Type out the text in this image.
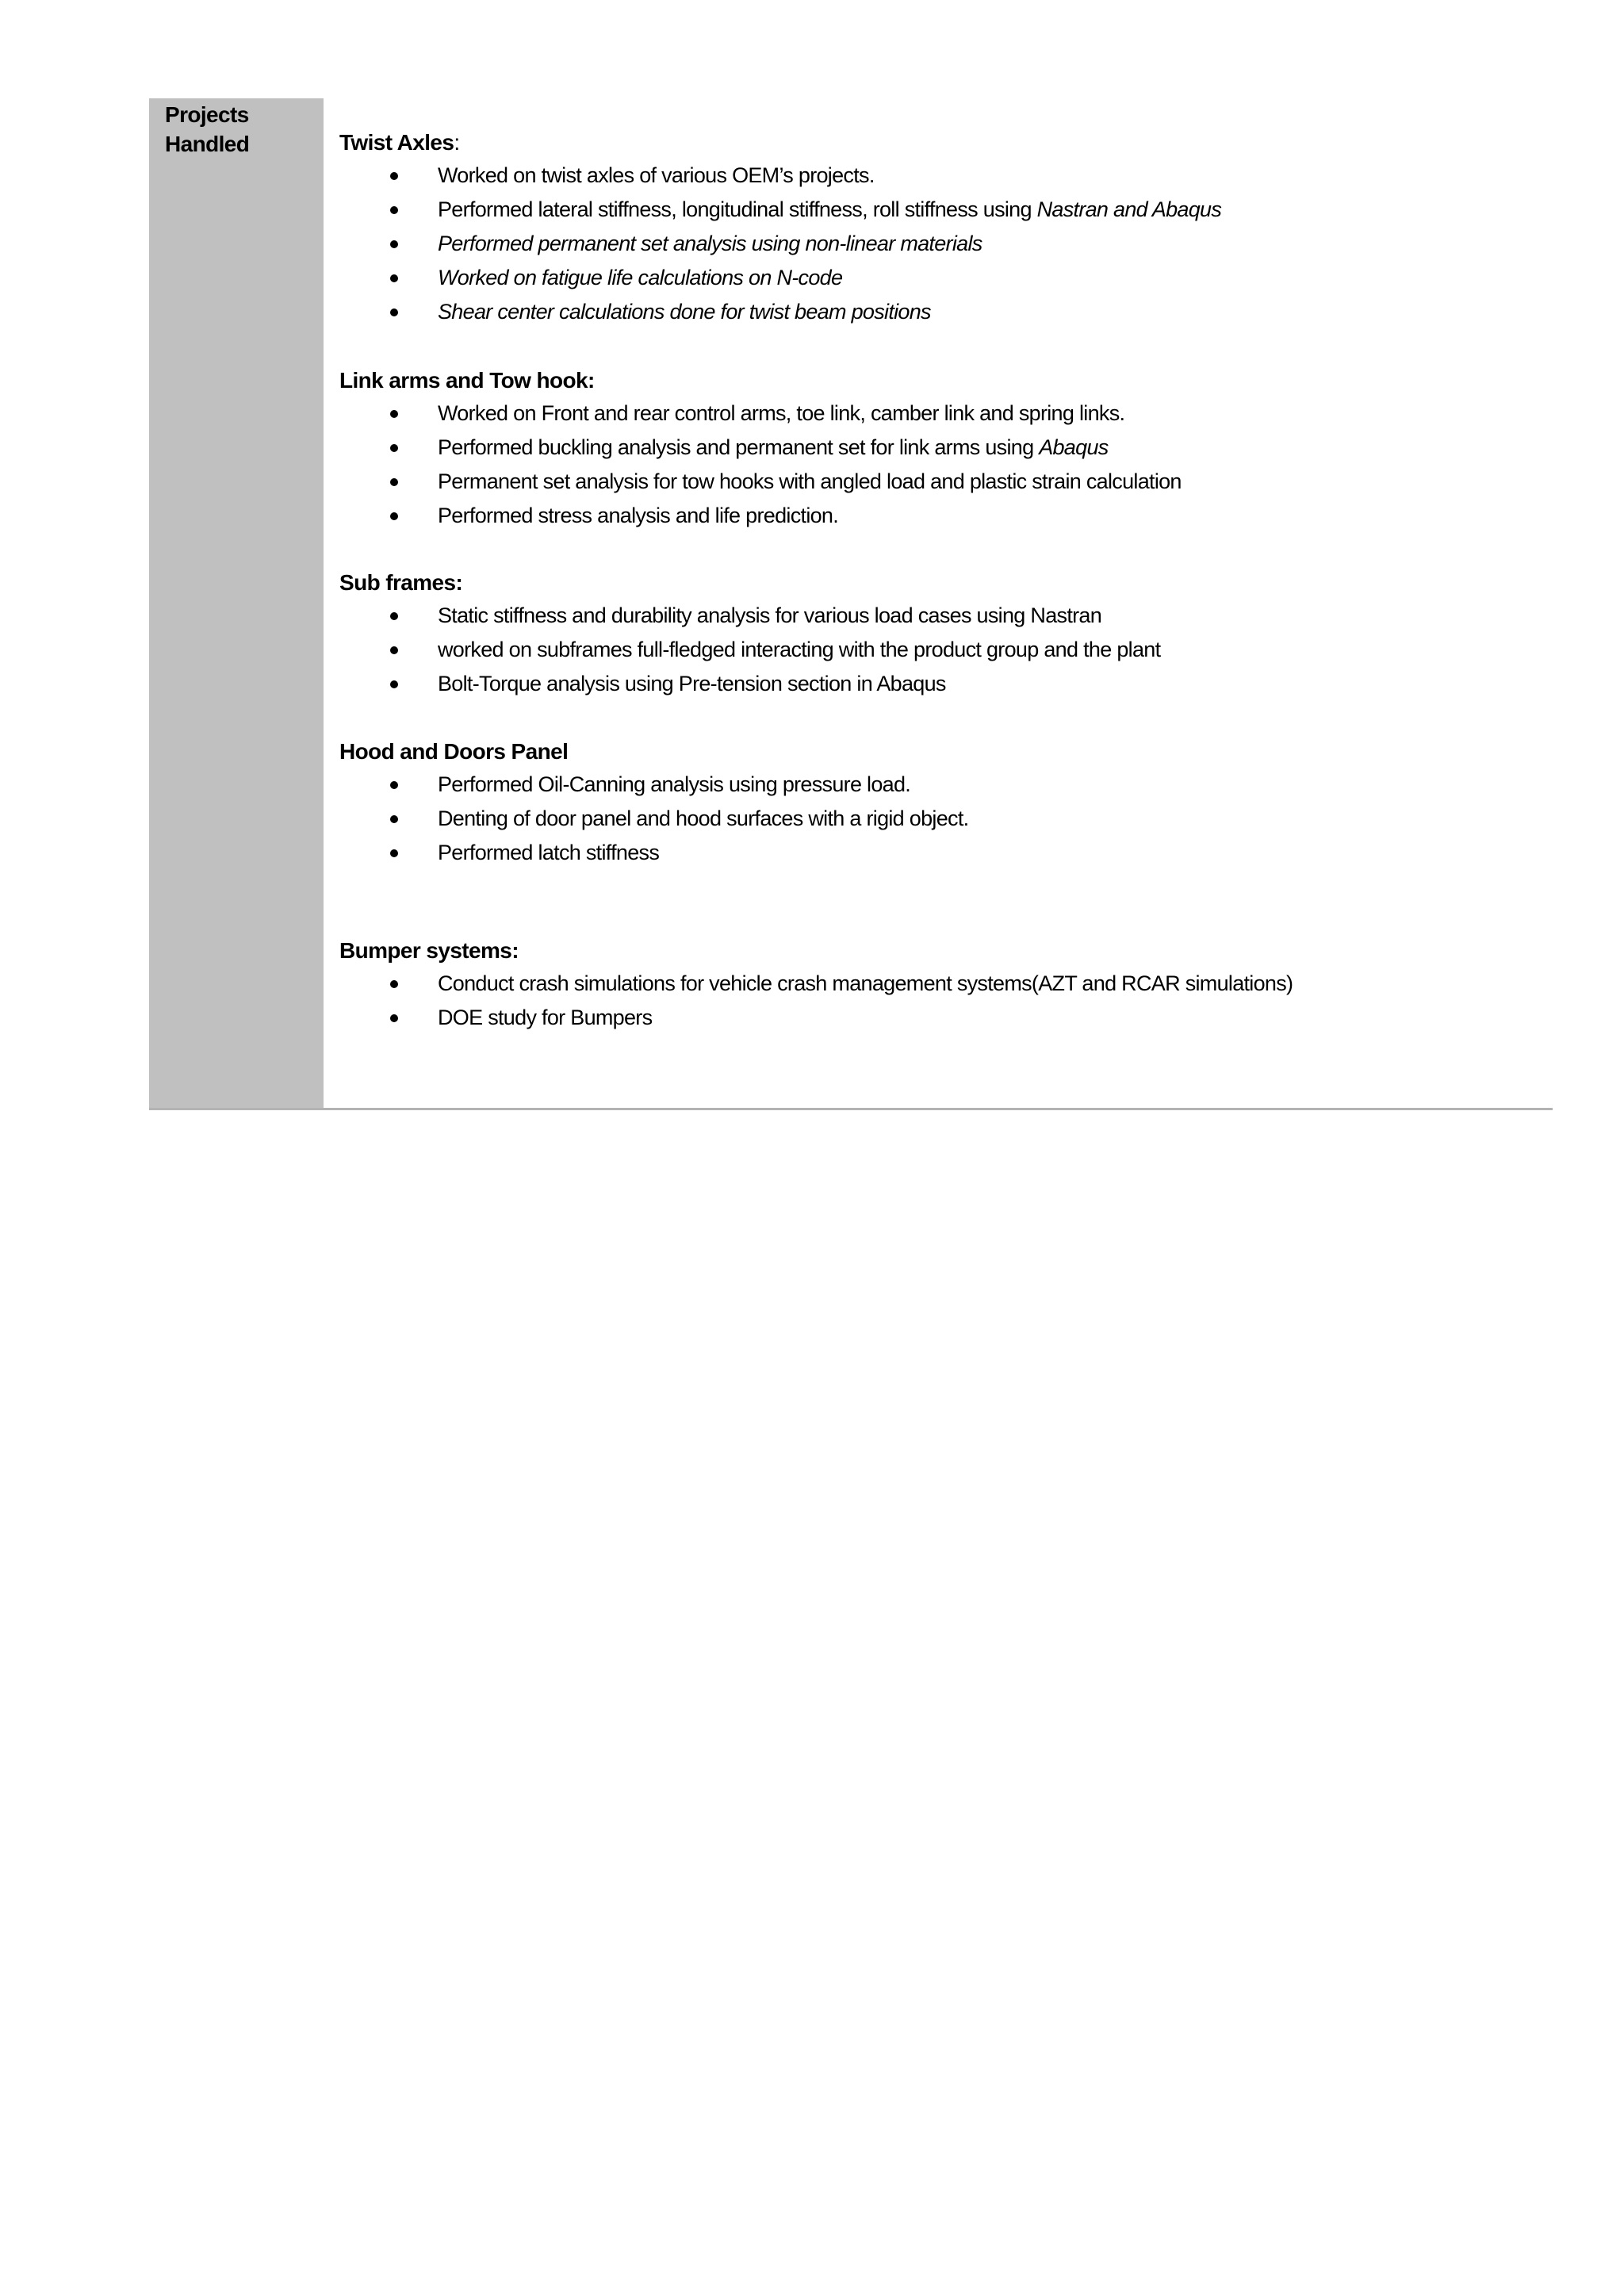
Projects
Handled	Twist Axles:
Worked on twist axles of various OEM’s projects.
Performed lateral stiffness, longitudinal stiffness, roll stiffness using Nastran and Abaqus
Performed permanent set analysis using non-linear materials
Worked on fatigue life calculations on N-code
Shear center calculations done for twist beam positions
Link arms and Tow hook:
Worked on Front and rear control arms, toe link, camber link and spring links.
Performed buckling analysis and permanent set for link arms using Abaqus
Permanent set analysis for tow hooks with angled load and plastic strain calculation
Performed stress analysis and life prediction.
Sub frames:
Static stiffness and durability analysis for various load cases using Nastran
worked on subframes full-fledged interacting with the product group and the plant
Bolt-Torque analysis using Pre-tension section in Abaqus
Hood and Doors Panel
Performed Oil-Canning analysis using pressure load.
Denting of door panel and hood surfaces with a rigid object.
Performed latch stiffness
Bumper systems:
Conduct crash simulations for vehicle crash management systems(AZT and RCAR simulations)
DOE study for Bumpers
